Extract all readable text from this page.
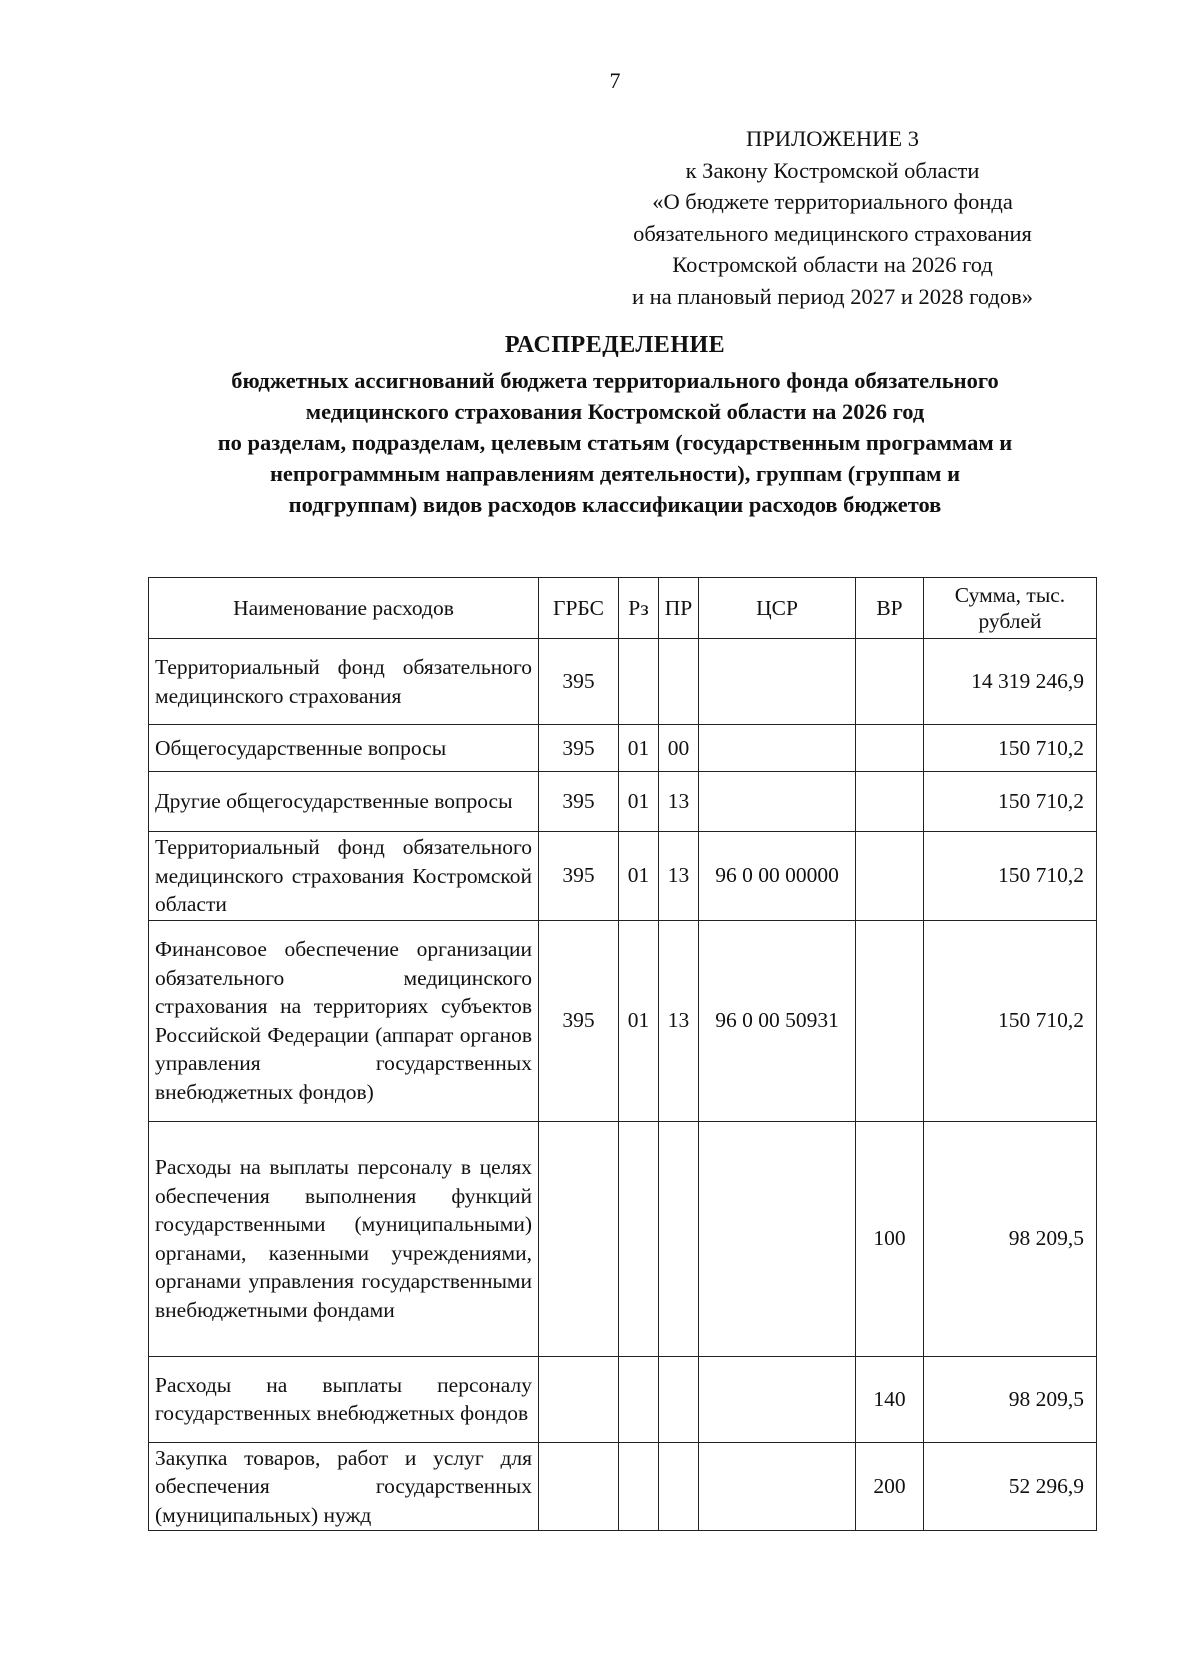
7
ПРИЛОЖЕНИЕ 3
к Закону Костромской области
«О бюджете территориального фонда
обязательного медицинского страхования
Костромской области на 2026 год
и на плановый период 2027 и 2028 годов»
РАСПРЕДЕЛЕНИЕ
бюджетных ассигнований бюджета территориального фонда обязательного
медицинского страхования Костромской области на 2026 год
по разделам, подразделам, целевым статьям (государственным программам и
непрограммным направлениям деятельности), группам (группам и
подгруппам) видов расходов классификации расходов бюджетов
Наименование расходов	ГРБС	Рз	ПР	ЦСР	ВР	Сумма, тыс. рублей
Территориальный фонд обязательного медицинского страхования	395					14 319 246,9
Общегосударственные вопросы	395	01	00			150 710,2
Другие общегосударственные вопросы	395	01	13			150 710,2
Территориальный фонд обязательного медицинского страхования Костромской области	395	01	13	96 0 00 00000		150 710,2
Финансовое обеспечение организации обязательного медицинского страхования на территориях субъектов Российской Федерации (аппарат органов управления государственных внебюджетных фондов)	395	01	13	96 0 00 50931		150 710,2
Расходы на выплаты персоналу в целях обеспечения выполнения функций государственными (муниципальными) органами, казенными учреждениями, органами управления государственными внебюджетными фондами					100	98 209,5
Расходы на выплаты персоналу государственных внебюджетных фондов					140	98 209,5
Закупка товаров, работ и услуг для обеспечения государственных (муниципальных) нужд					200	52 296,9
